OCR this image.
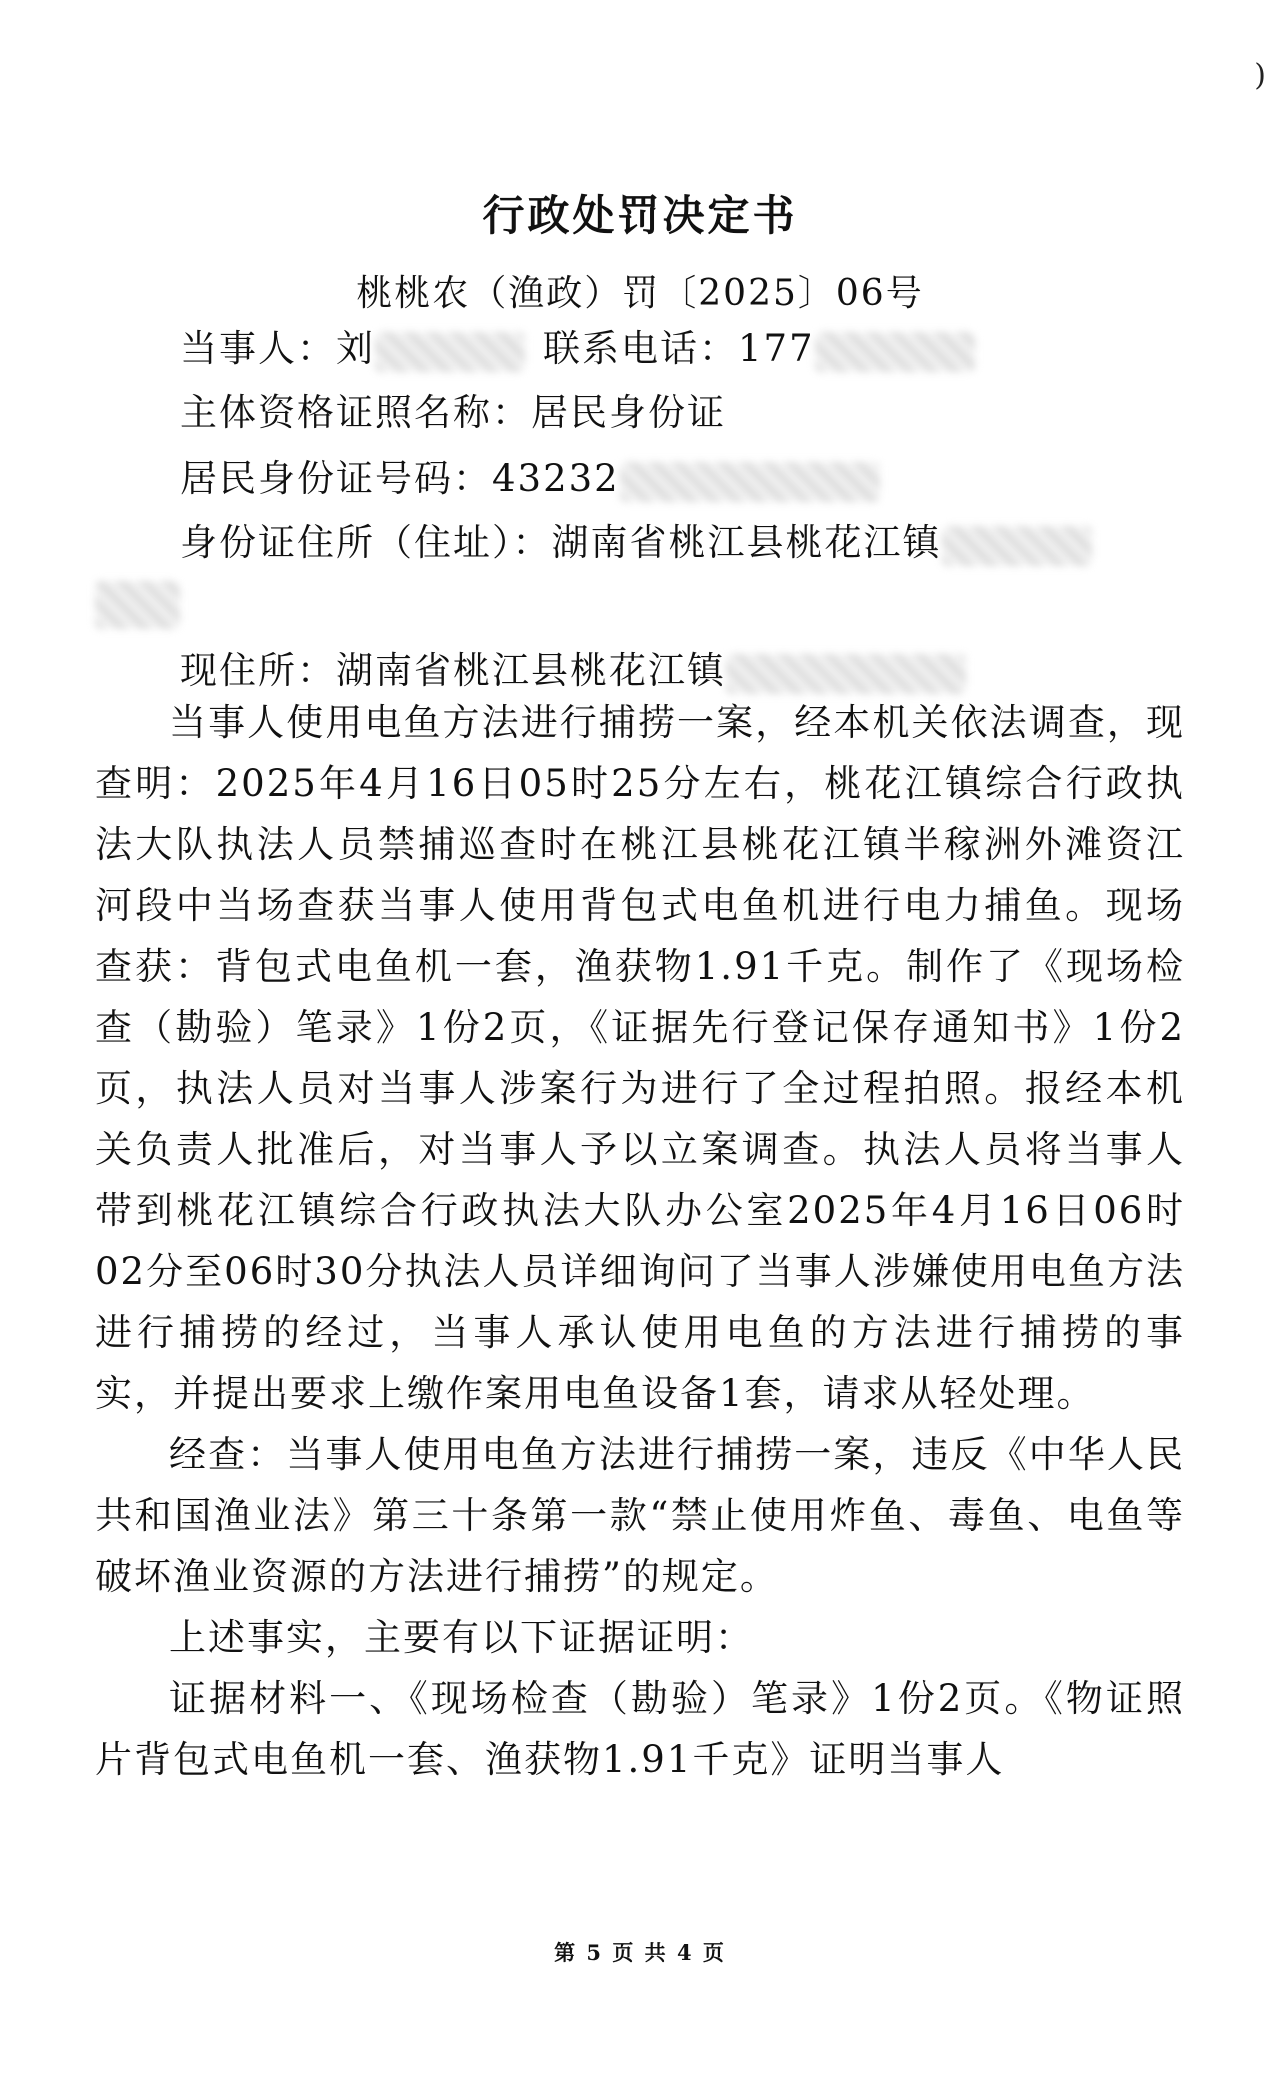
)
行政处罚决定书
桃桃农（渔政）罚〔2025〕06号
当事人：刘	联系电话：177
主体资格证照名称：居民身份证
居民身份证号码：43232
身份证住所（住址）：湖南省桃江县桃花江镇
现住所：湖南省桃江县桃花江镇

当事人使用电鱼方法进行捕捞一案，经本机关依法调查，现查明：2025年4月16日05时25分左右，桃花江镇综合行政执法大队执法人员禁捕巡查时在桃江县桃花江镇半稼洲外滩资江河段中当场查获当事人使用背包式电鱼机进行电力捕鱼。现场查获：背包式电鱼机一套，渔获物1.91千克。制作了《现场检查（勘验）笔录》1份2页，《证据先行登记保存通知书》1份2页，执法人员对当事人涉案行为进行了全过程拍照。报经本机关负责人批准后，对当事人予以立案调查。执法人员将当事人带到桃花江镇综合行政执法大队办公室2025年4月16日06时02分至06时30分执法人员详细询问了当事人涉嫌使用电鱼方法进行捕捞的经过，当事人承认使用电鱼的方法进行捕捞的事实，并提出要求上缴作案用电鱼设备1套，请求从轻处理。

经查：当事人使用电鱼方法进行捕捞一案，违反《中华人民共和国渔业法》第三十条第一款“禁止使用炸鱼、毒鱼、电鱼等破坏渔业资源的方法进行捕捞”的规定。

上述事实，主要有以下证据证明：

证据材料一、《现场检查（勘验）笔录》1份2页。《物证照片背包式电鱼机一套、渔获物1.91千克》证明当事人

第 5 页 共 4 页
